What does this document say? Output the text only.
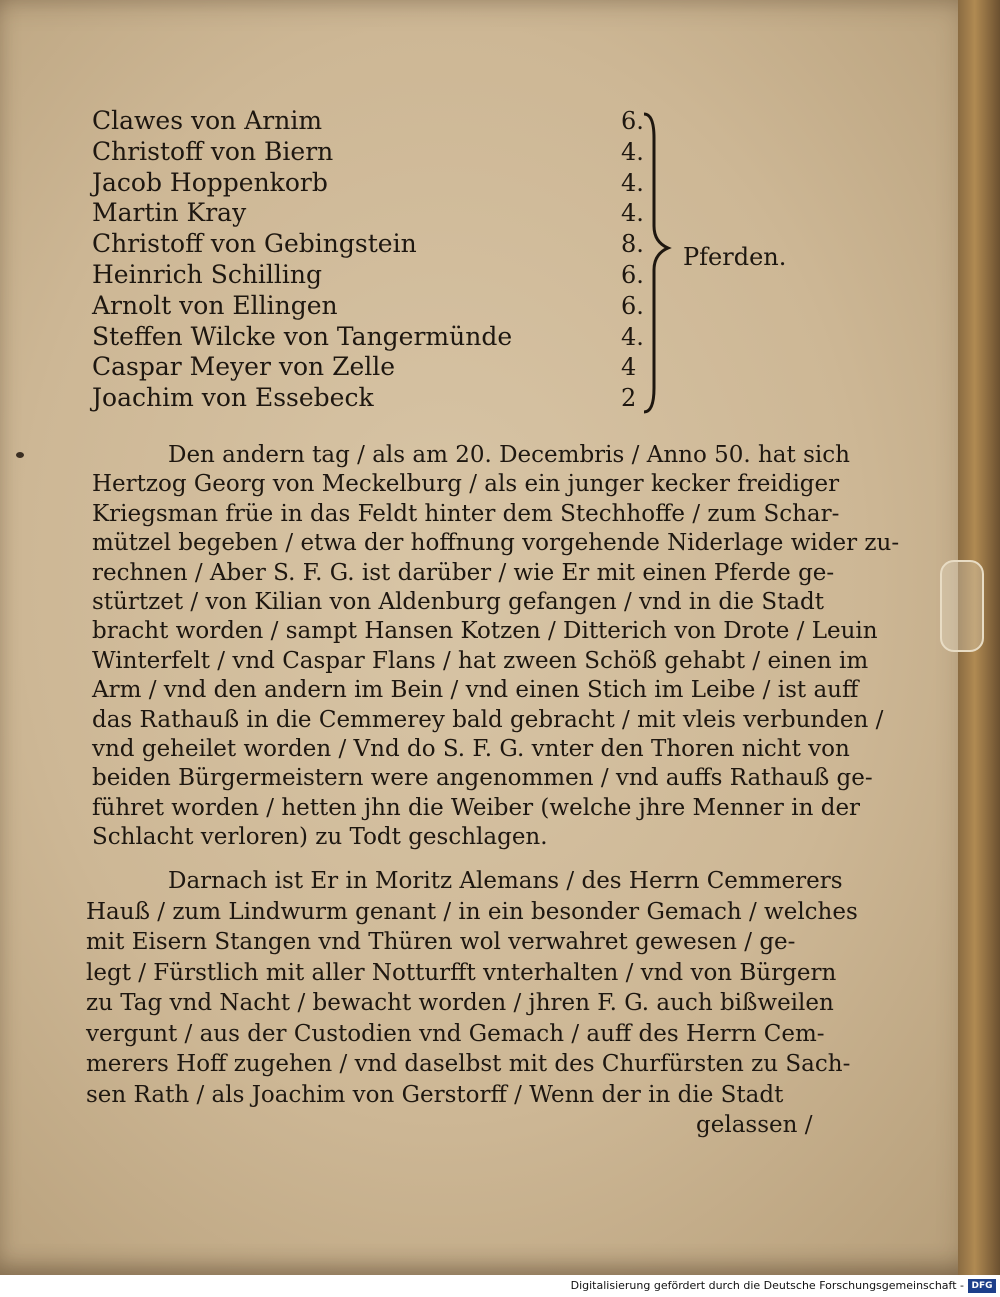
Clawes von Arnim	6.
Christoff von Biern	4.
Jacob Hoppenkorb	4.
Martin Kray	4.
Christoff von Gebingstein	8.
Heinrich Schilling	6.
Arnolt von Ellingen	6.
Steffen Wilcke von Tangermünde	4.
Caspar Meyer von Zelle	4
Joachim von Essebeck	2
Pferden.
Den andern tag / als am 20. Decembris / Anno 50. hat sich
Hertzog Georg von Meckelburg / als ein junger kecker freidiger
Kriegsman früe in das Feldt hinter dem Stechhoffe / zum Schar-
mützel begeben / etwa der hoffnung vorgehende Niderlage wider zu-
rechnen / Aber S. F. G. ist darüber / wie Er mit einen Pferde ge-
stürtzet / von Kilian von Aldenburg gefangen / vnd in die Stadt
bracht worden / sampt Hansen Kotzen / Ditterich von Drote / Leuin
Winterfelt / vnd Caspar Flans / hat zween Schöß gehabt / einen im
Arm / vnd den andern im Bein / vnd einen Stich im Leibe / ist auff
das Rathauß in die Cemmerey bald gebracht / mit vleis verbunden /
vnd geheilet worden / Vnd do S. F. G. vnter den Thoren nicht von
beiden Bürgermeistern were angenommen / vnd auffs Rathauß ge-
führet worden / hetten jhn die Weiber (welche jhre Menner in der
Schlacht verloren) zu Todt geschlagen.
Darnach ist Er in Moritz Alemans / des Herrn Cemmerers
Hauß / zum Lindwurm genant / in ein besonder Gemach / welches
mit Eisern Stangen vnd Thüren wol verwahret gewesen / ge-
legt / Fürstlich mit aller Notturfft vnterhalten / vnd von Bürgern
zu Tag vnd Nacht / bewacht worden / jhren F. G. auch bißweilen
vergunt / aus der Custodien vnd Gemach / auff des Herrn Cem-
merers Hoff zugehen / vnd daselbst mit des Churfürsten zu Sach-
sen Rath / als Joachim von Gerstorff / Wenn der in die Stadt
gelassen /
Digitalisierung gefördert durch die Deutsche Forschungsgemeinschaft - DFG
